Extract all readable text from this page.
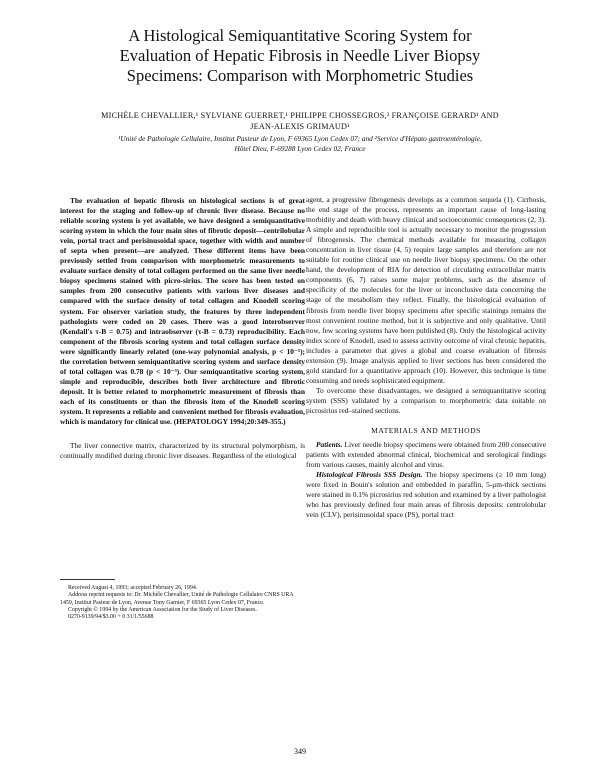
A Histological Semiquantitative Scoring System for
Evaluation of Hepatic Fibrosis in Needle Liver Biopsy
Specimens: Comparison with Morphometric Studies
MICHÈLE CHEVALLIER,¹ SYLVIANE GUERRET,¹ PHILIPPE CHOSSEGROS,² FRANÇOISE GERARD¹ AND
JEAN-ALEXIS GRIMAUD¹
¹Unité de Pathologie Cellulaire, Institut Pasteur de Lyon, F 69365 Lyon Cedex 07; and ²Service d'Hépato gastroentérologie,
Hôtel Dieu, F-69288 Lyon Cedex 02, France

The evaluation of hepatic fibrosis on histological sections is of great interest for the staging and follow-up of chronic liver disease. Because no reliable scoring system is yet available, we have designed a semiquantitative scoring system in which the four main sites of fibrotic deposit—centrilobular vein, portal tract and perisinusoidal space, together with width and number of septa when present—are analyzed. These different items have been previously settled from comparison with morphometric measurements to evaluate surface density of total collagen performed on the same liver needle biopsy specimens stained with picro-sirius. The score has been tested on samples from 200 consecutive patients with various liver diseases and compared with the surface density of total collagen and Knodell scoring system. For observer variation study, the features by three independent pathologists were coded on 20 cases. There was a good interobserver (Kendall's τ-B = 0.75) and intraobserver (τ-B = 0.73) reproducibility. Each component of the fibrosis scoring system and total collagen surface density were significantly linearly related (one-way polynomial analysis, p < 10⁻⁵); the correlation between semiquantitative scoring system and surface density of total collagen was 0.78 (p < 10⁻⁵). Our semiquantitative scoring system, simple and reproducible, describes both liver architecture and fibrotic deposit. It is better related to morphometric measurement of fibrosis than each of its constituents or than the fibrosis item of the Knodell scoring system. It represents a reliable and convenient method for fibrosis evaluation, which is mandatory for clinical use. (HEPATOLOGY 1994;20:349-355.)

The liver connective matrix, characterized by its structural polymorphism, is continually modified during chronic liver diseases. Regardless of the etiological

Received August 4, 1993; accepted February 26, 1994.

Address reprint requests to: Dr. Michèle Chevallier, Unité de Pathologie Cellulaire CNRS URA 1459, Institut Pasteur de Lyon, Avenue Tony Garnier, F 69365 Lyon Cedex 07, France.

Copyright © 1994 by the American Association for the Study of Liver Diseases.

0270-9139/94/$3.00 + 0 31/1/55688

agent, a progressive fibrogenesis develops as a common sequela (1). Cirrhosis, the end stage of the process, represents an important cause of long-lasting morbidity and death with heavy clinical and socioeconomic consequences (2, 3). A simple and reproducible tool is actually necessary to monitor the progression of fibrogenesis. The chemical methods available for measuring collagen concentration in liver tissue (4, 5) require large samples and therefore are not suitable for routine clinical use on needle liver biopsy specimens. On the other hand, the development of RIA for detection of circulating extracellular matrix components (6, 7) raises some major problems, such as the absence of specificity of the molecules for the liver or inconclusive data concerning the stage of the metabolism they reflect. Finally, the histological evaluation of fibrosis from needle liver biopsy specimens after specific stainings remains the most convenient routine method, but it is subjective and only qualitative. Until now, few scoring systems have been published (8). Only the histological activity index score of Knodell, used to assess activity outcome of viral chronic hepatitis, includes a parameter that gives a global and coarse evaluation of fibrosis extension (9). Image analysis applied to liver sections has been considered the gold standard for a quantitative approach (10). However, this technique is time consuming and needs sophisticated equipment.

To overcome these disadvantages, we designed a semiquantitative scoring system (SSS) validated by a comparison to morphometric data suitable on picrosirius red–stained sections.

MATERIALS AND METHODS

Patients. Liver needle biopsy specimens were obtained from 200 consecutive patients with extended abnormal clinical, biochemical and serological findings from various causes, mainly alcohol and virus.

Histological Fibrosis SSS Design. The biopsy specimens (≥ 10 mm long) were fixed in Bouin's solution and embedded in paraffin, 5-μm-thick sections were stained in 0.1% picrosirius red solution and examined by a liver pathologist who has previously defined four main areas of fibrosis deposits: centrolobular vein (CLV), perisinusoidal space (PS), portal tract

349
